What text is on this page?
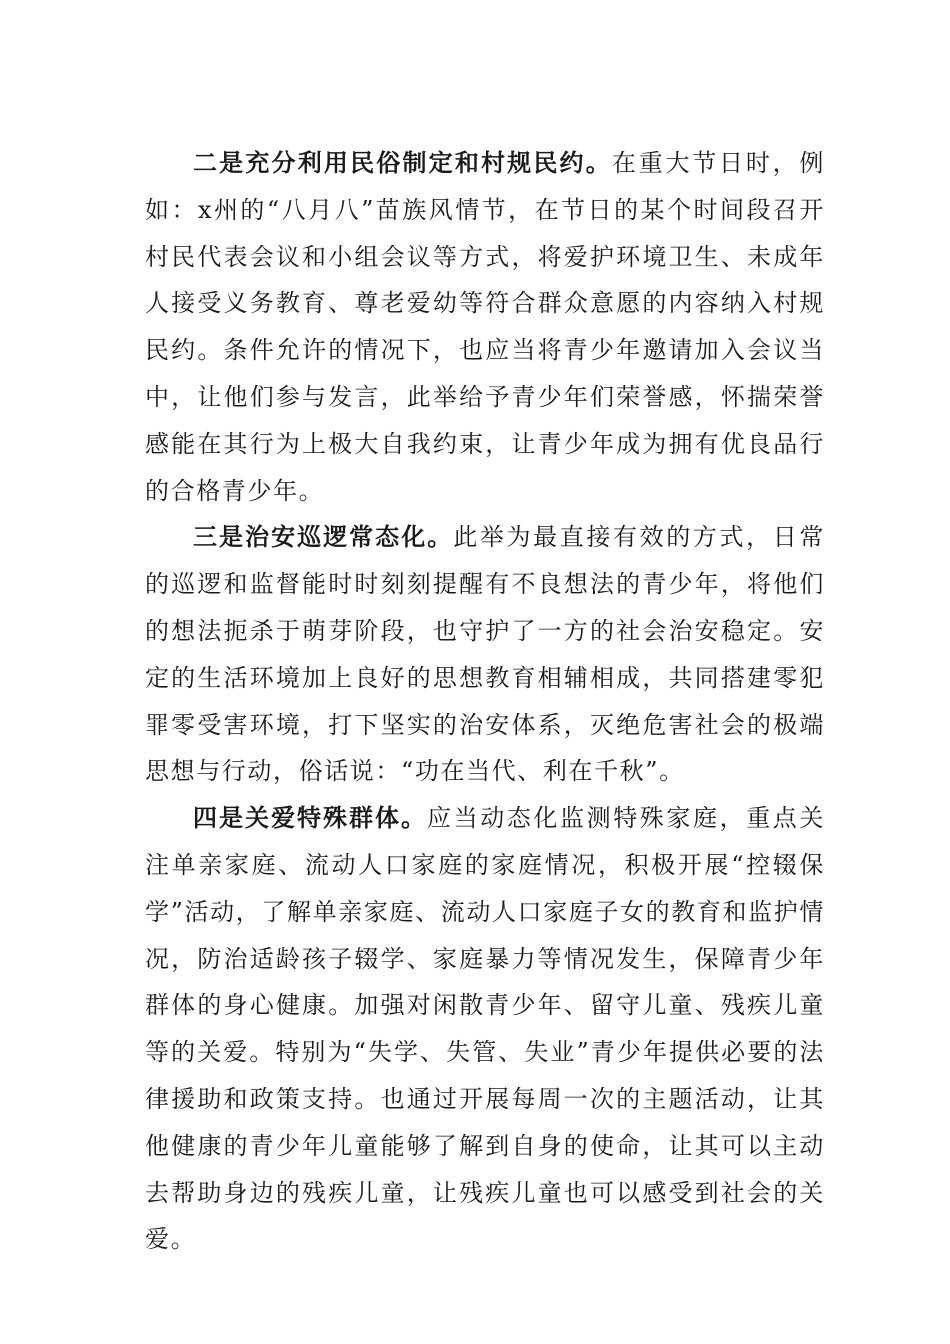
二是充分利用民俗制定和村规民约。在重大节日时，例如：x州的“八月八”苗族风情节，在节日的某个时间段召开村民代表会议和小组会议等方式，将爱护环境卫生、未成年人接受义务教育、尊老爱幼等符合群众意愿的内容纳入村规民约。条件允许的情况下，也应当将青少年邀请加入会议当中，让他们参与发言，此举给予青少年们荣誉感，怀揣荣誉感能在其行为上极大自我约束，让青少年成为拥有优良品行的合格青少年。

三是治安巡逻常态化。此举为最直接有效的方式，日常的巡逻和监督能时时刻刻提醒有不良想法的青少年，将他们的想法扼杀于萌芽阶段，也守护了一方的社会治安稳定。安定的生活环境加上良好的思想教育相辅相成，共同搭建零犯罪零受害环境，打下坚实的治安体系，灭绝危害社会的极端思想与行动，俗话说：“功在当代、利在千秋”。

四是关爱特殊群体。应当动态化监测特殊家庭，重点关注单亲家庭、流动人口家庭的家庭情况，积极开展“控辍保学”活动，了解单亲家庭、流动人口家庭子女的教育和监护情况，防治适龄孩子辍学、家庭暴力等情况发生，保障青少年群体的身心健康。加强对闲散青少年、留守儿童、残疾儿童等的关爱。特别为“失学、失管、失业”青少年提供必要的法律援助和政策支持。也通过开展每周一次的主题活动，让其他健康的青少年儿童能够了解到自身的使命，让其可以主动去帮助身边的残疾儿童，让残疾儿童也可以感受到社会的关爱。
